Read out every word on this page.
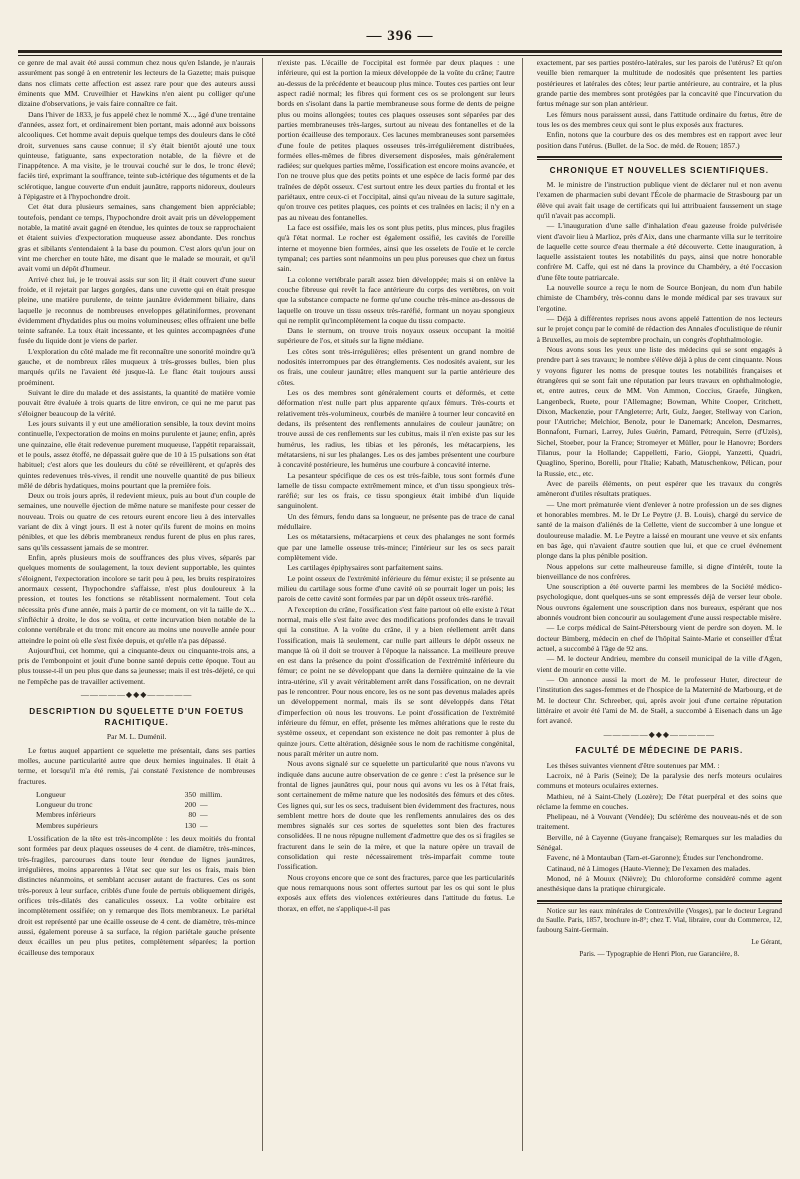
— 396 —

ce genre de mal avait été aussi commun chez nous qu'en Islande, je n'aurais assurément pas songé à en entretenir les lecteurs de la Gazette; mais puisque dans nos climats cette affection est assez rare pour que des auteurs aussi éminents que MM. Cruveilhier et Hawkins n'en aient pu colliger qu'une dizaine d'observations, je vais faire connaître ce fait.

Dans l'hiver de 1833, je fus appelé chez le nommé X..., âgé d'une trentaine d'années, assez fort, et ordinairement bien portant, mais adonné aux boissons alcooliques. Cet homme avait depuis quelque temps des douleurs dans le côté droit, survenues sans cause connue; il s'y était bientôt ajouté une toux quinteuse, fatiguante, sans expectoration notable, de la fièvre et de l'inappétence. A ma visite, je le trouvai couché sur le dos, le tronc élevé; faciès tiré, exprimant la souffrance, teinte sub-ictérique des téguments et de la sclérotique, langue couverte d'un enduit jaunâtre, rapports nidoreux, douleurs à l'épigastre et à l'hypochondre droit.

Cet état dura plusieurs semaines, sans changement bien appréciable; toutefois, pendant ce temps, l'hypochondre droit avait pris un développement notable, la matité avait gagné en étendue, les quintes de toux se rapprochaient et étaient suivies d'expectoration muqueuse assez abondante. Des ronchus gras et sibilants s'entendaient à la base du poumon. C'est alors qu'un jour on vint me chercher en toute hâte, me disant que le malade se mourait, et qu'il avait vomi un dépôt d'humeur.

Arrivé chez lui, je le trouvai assis sur son lit; il était couvert d'une sueur froide, et il rejetait par larges gorgées, dans une cuvette qui en était presque pleine, une matière purulente, de teinte jaunâtre évidemment biliaire, dans laquelle je reconnus de nombreuses enveloppes gélatiniformes, provenant évidemment d'hydatides plus ou moins volumineuses; elles offraient une belle teinte safranée. La toux était incessante, et les quintes accompagnées d'une fusée du liquide dont je viens de parler.

L'exploration du côté malade me fit reconnaître une sonorité moindre qu'à gauche, et de nombreux râles muqueux à très-grosses bulles, bien plus marqués qu'ils ne l'avaient été jusque-là. Le flanc était toujours aussi proéminent.

Suivant le dire du malade et des assistants, la quantité de matière vomie pouvait être évaluée à trois quarts de litre environ, ce qui ne me parut pas s'éloigner beaucoup de la vérité.

Les jours suivants il y eut une amélioration sensible, la toux devint moins continuelle, l'expectoration de moins en moins purulente et jaune; enfin, après une quinzaine, elle était redevenue purement muqueuse, l'appétit reparaissait, et le pouls, assez étoffé, ne dépassait guère que de 10 à 15 pulsations son état habituel; c'est alors que les douleurs du côté se réveillèrent, et qu'après des quintes redevenues très-vives, il rendit une nouvelle quantité de pus bilieux mêlé de débris hydatiques, moins pourtant que la première fois.

Deux ou trois jours après, il redevient mieux, puis au bout d'un couple de semaines, une nouvelle éjection de même nature se manifeste pour cesser de nouveau. Trois ou quatre de ces retours eurent encore lieu à des intervalles variant de dix à vingt jours. Il est à noter qu'ils furent de moins en moins pénibles, et que les débris membraneux rendus furent de plus en plus rares, sans qu'ils cessassent jamais de se montrer.

Enfin, après plusieurs mois de souffrances des plus vives, séparés par quelques moments de soulagement, la toux devient supportable, les quintes s'éloignent, l'expectoration incolore se tarit peu à peu, les bruits respiratoires anormaux cessent, l'hypochondre s'affaisse, n'est plus douloureux à la pression, et toutes les fonctions se rétablissent normalement. Tout cela nécessita près d'une année, mais à partir de ce moment, on vit la taille de X... s'infléchir à droite, le dos se voûta, et cette incurvation bien notable de la colonne vertébrale et du tronc mit encore au moins une nouvelle année pour atteindre le point où elle s'est fixée depuis, et qu'elle n'a pas dépassé.

Aujourd'hui, cet homme, qui a cinquante-deux ou cinquante-trois ans, a pris de l'embonpoint et jouit d'une bonne santé depuis cette époque. Tout au plus tousse-t-il un peu plus que dans sa jeunesse; mais il est très-déjeté, ce qui ne l'empêche pas de travailler activement.

—————◆◆◆—————
DESCRIPTION DU SQUELETTE D'UN FOETUS RACHITIQUE.
Par M. L. Duménil.

Le fœtus auquel appartient ce squelette me présentait, dans ses parties molles, aucune particularité autre que deux hernies inguinales. Il était à terme, et lorsqu'il m'a été remis, j'ai constaté l'existence de nombreuses fractures.

Longueur	350 millim.
Longueur du tronc	200 —
Membres inférieurs	80 —
Membres supérieurs	130 —

L'ossification de la tête est très-incomplète : les deux moitiés du frontal sont formées par deux plaques osseuses de 4 cent. de diamètre, très-minces, très-fragiles, parcourues dans toute leur étendue de lignes jaunâtres, irrégulières, moins apparentes à l'état sec que sur les os frais, mais bien distinctes néanmoins, et semblant accuser autant de fractures. Ces os sont très-poreux à leur surface, criblés d'une foule de pertuis obliquement dirigés, orifices très-dilatés des canalicules osseux. La voûte orbitaire est incomplètement ossifiée; on y remarque des îlots membraneux. Le pariétal droit est représenté par une écaille osseuse de 4 cent. de diamètre, très-mince aussi, également poreuse à sa surface, la région pariétale gauche présente deux écailles un peu plus petites, complètement séparées; la portion écailleuse des temporaux

n'existe pas. L'écaille de l'occipital est formée par deux plaques : une inférieure, qui est la portion la mieux développée de la voûte du crâne; l'autre au-dessus de la précédente et beaucoup plus mince. Toutes ces parties ont leur aspect radié normal; les fibres qui forment ces os se prolongent sur leurs bords en s'isolant dans la partie membraneuse sous forme de dents de peigne plus ou moins allongées; toutes ces plaques osseuses sont séparées par des parties membraneuses très-larges, surtout au niveau des fontanelles et de la portion écailleuse des temporaux. Ces lacunes membraneuses sont parsemées d'une foule de petites plaques osseuses très-irrégulièrement distribuées, formées elles-mêmes de fibres diversement disposées, mais généralement radiées; sur quelques parties même, l'ossification est encore moins avancée, et l'on ne trouve plus que des petits points et une espèce de lacis formé par des traînées de dépôt osseux. C'est surtout entre les deux parties du frontal et les pariétaux, entre ceux-ci et l'occipital, ainsi qu'au niveau de la suture sagittale, qu'on trouve ces petites plaques, ces points et ces traînées en lacis; il n'y en a pas au niveau des fontanelles.

La face est ossifiée, mais les os sont plus petits, plus minces, plus fragiles qu'à l'état normal. Le rocher est également ossifié, les cavités de l'oreille interne et moyenne bien formées, ainsi que les osselets de l'ouïe et le cercle tympanal; ces parties sont néanmoins un peu plus poreuses que chez un fœtus sain.

La colonne vertébrale paraît assez bien développée; mais si on enlève la couche fibreuse qui revêt la face antérieure du corps des vertèbres, on voit que la substance compacte ne forme qu'une couche très-mince au-dessous de laquelle on trouve un tissu osseux très-raréfié, formant un noyau spongieux qui ne remplit qu'incomplètement la coque du tissu compacte.

Dans le sternum, on trouve trois noyaux osseux occupant la moitié supérieure de l'os, et situés sur la ligne médiane.

Les côtes sont très-irrégulières; elles présentent un grand nombre de nodosités interrompues par des étranglements. Ces nodosités avaient, sur les os frais, une couleur jaunâtre; elles manquent sur la partie antérieure des côtes.

Les os des membres sont généralement courts et déformés, et cette déformation n'est nulle part plus apparente qu'aux fémurs. Très-courts et relativement très-volumineux, courbés de manière à tourner leur concavité en dedans, ils présentent des renflements annulaires de couleur jaunâtre; on trouve aussi de ces renflements sur les cubitus, mais il n'en existe pas sur les humérus, les radius, les tibias et les péronés, les métacarpiens, les métatarsiens, ni sur les phalanges. Les os des jambes présentent une courbure à concavité postérieure, les humérus une courbure à concavité interne.

La pesanteur spécifique de ces os est très-faible, tous sont formés d'une lamelle de tissu compacte extrêmement mince, et d'un tissu spongieux très-raréfié; sur les os frais, ce tissu spongieux était imbibé d'un liquide sanguinolent.

Un des fémurs, fendu dans sa longueur, ne présente pas de trace de canal médullaire.

Les os métatarsiens, métacarpiens et ceux des phalanges ne sont formés que par une lamelle osseuse très-mince; l'intérieur sur les os secs parait complètement vide.

Les cartilages épiphysaires sont parfaitement sains.

Le point osseux de l'extrémité inférieure du fémur existe; il se présente au milieu du cartilage sous forme d'une cavité où se pourrait loger un pois; les parois de cette cavité sont formées par par un dépôt osseux très-raréfié.

A l'exception du crâne, l'ossification s'est faite partout où elle existe à l'état normal, mais elle s'est faite avec des modifications profondes dans le travail qui la constitue. A la voûte du crâne, il y a bien réellement arrêt dans l'ossification, mais là seulement, car nulle part ailleurs le dépôt osseux ne manque là où il doit se trouver à l'époque la naissance. La meilleure preuve en est dans la présence du point d'ossification de l'extrémité inférieure du fémur; ce point ne se développant que dans la dernière quinzaine de la vie intra-utérine, s'il y avait véritablement arrêt dans l'ossification, on ne devrait pas le rencontrer. Pour nous encore, les os ne sont pas devenus malades après un développement normal, mais ils se sont développés dans l'état d'imperfection où nous les trouvons. Le point d'ossification de l'extrémité inférieure du fémur, en effet, présente les mêmes altérations que le reste du système osseux, et cependant son existence ne doit pas remonter à plus de quinze jours. Cette altération, désignée sous le nom de rachitisme congénital, nous paraît mériter un autre nom.

Nous avons signalé sur ce squelette un particularité que nous n'avons vu indiquée dans aucune autre observation de ce genre : c'est la présence sur le frontal de lignes jaunâtres qui, pour nous qui avons vu les os à l'état frais, sont certainement de même nature que les nodosités des fémurs et des côtes. Ces lignes qui, sur les os secs, traduisent bien évidemment des fractures, nous semblent mettre hors de doute que les renflements annulaires des os des membres signalés sur ces sortes de squelettes sont bien des fractures consolidées. Il ne nous répugne nullement d'admettre que des os si fragiles se fracturent dans le sein de la mère, et que la nature opère un travail de consolidation qui reste nécessairement très-imparfait comme toute l'ossification.

Nous croyons encore que ce sont des fractures, parce que les particularités que nous remarquons nous sont offertes surtout par les os qui sont le plus exposés aux effets des violences extérieures dans l'attitude du fœtus. Le thorax, en effet, ne s'applique-t-il pas

exactement, par ses parties postéro-latérales, sur les parois de l'utérus? Et qu'on veuille bien remarquer la multitude de nodosités que présentent les parties postérieures et latérales des côtes; leur partie antérieure, au contraire, et la plus grande partie des membres sont protégées par la concavité que l'incurvation du fœtus ménage sur son plan antérieur.

Les fémurs nous paraissent aussi, dans l'attitude ordinaire du fœtus, être de tous les os des membres ceux qui sont le plus exposés aux fractures.

Enfin, notons que la courbure des os des membres est en rapport avec leur position dans l'utérus. (Bullet. de la Soc. de méd. de Rouen; 1857.)

CHRONIQUE ET NOUVELLES SCIENTIFIQUES.

M. le ministre de l'instruction publique vient de déclarer nul et non avenu l'examen de pharmacien subi devant l'École de pharmacie de Strasbourg par un élève qui avait fait usage de certificats qui lui attribuaient faussement un stage qu'il n'avait pas accompli.

— L'inauguration d'une salle d'inhalation d'eau gazeuse froide pulvérisée vient d'avoir lieu à Marlioz, près d'Aix, dans une charmante villa sur le territoire de laquelle cette source d'eau thermale a été découverte. Cette inauguration, à laquelle assistaient toutes les notabilités du pays, ainsi que notre honorable confrère M. Caffe, qui est né dans la province du Chambéry, a été l'occasion d'une fête toute patriarcale.

La nouvelle source a reçu le nom de Source Bonjean, du nom d'un habile chimiste de Chambéry, très-connu dans le monde médical par ses travaux sur l'ergotine.

— Déjà à différentes reprises nous avons appelé l'attention de nos lecteurs sur le projet conçu par le comité de rédaction des Annales d'oculistique de réunir à Bruxelles, au mois de septembre prochain, un congrès d'ophthalmologie.

Nous avons sous les yeux une liste des médecins qui se sont engagés à prendre part à ses travaux; le nombre s'élève déjà à plus de cent cinquante. Nous y voyons figurer les noms de presque toutes les notabilités françaises et étrangères qui se sont fait une réputation par leurs travaux en ophthalmologie, et, entre autres, ceux de MM. Von Ammon, Coccius, Graefe, Jüngken, Langenbeck, Ruete, pour l'Allemagne; Bowman, White Cooper, Critchett, Dixon, Mackenzie, pour l'Angleterre; Arlt, Gulz, Jaeger, Stellway von Carion, pour l'Autriche; Melchior, Benolz, pour le Danemark; Ancelon, Desmarres, Bonnafont, Furnari, Larrey, Jules Guérin, Pamard, Pétrequin, Serre (d'Uzès), Sichel, Stoeber, pour la France; Stromeyer et Müller, pour le Hanovre; Borders Tilanus, pour la Hollande; Cappelletti, Fario, Gioppi, Yanzetti, Quadri, Quaglino, Sperino, Borelli, pour l'Italie; Kabath, Matuschenkow, Pélican, pour la Russie, etc., etc.

Avec de pareils éléments, on peut espérer que les travaux du congrès amèneront d'utiles résultats pratiques.

— Une mort prématurée vient d'enlever à notre profession un de ses dignes et honorables membres. M. le Dr Le Peytre (J. B. Louis), chargé du service de santé de la maison d'aliénés de la Cellette, vient de succomber à une longue et douloureuse maladie. M. Le Peytre a laissé en mourant une veuve et six enfants en bas âge, qui n'avaient d'autre soutien que lui, et que ce cruel événement plonge dans la plus pénible position.

Nous appelons sur cette malheureuse famille, si digne d'intérêt, toute la bienveillance de nos confrères.

Une souscription a été ouverte parmi les membres de la Société médico-psychologique, dont quelques-uns se sont empressés déjà de verser leur obole. Nous ouvrons également une souscription dans nos bureaux, espérant que nos abonnés voudront bien concourir au soulagement d'une aussi respectable misère.

— Le corps médical de Saint-Pétersbourg vient de perdre son doyen. M. le docteur Bimberg, médecin en chef de l'hôpital Sainte-Marie et conseiller d'État actuel, a succombé à l'âge de 92 ans.

— M. le docteur Andrieu, membre du conseil municipal de la ville d'Agen, vient de mourir en cette ville.

— On annonce aussi la mort de M. le professeur Huter, directeur de l'institution des sages-femmes et de l'hospice de la Maternité de Marbourg, et de M. le docteur Chr. Schreeber, qui, après avoir joui d'une certaine réputation littéraire et avoir été l'ami de M. de Staël, a succombé à Eisenach dans un âge fort avancé.

—————◆◆◆—————
FACULTÉ DE MÉDECINE DE PARIS.

Les thèses suivantes viennent d'être soutenues par MM. :

Lacroix, né à Paris (Seine); De la paralysie des nerfs moteurs oculaires communs et moteurs oculaires externes.

Mathieu, né à Saint-Chely (Lozère); De l'état puerpéral et des soins que réclame la femme en couches.

Phelipeau, né à Vouvant (Vendée); Du sclérème des nouveau-nés et de son traitement.

Berville, né à Cayenne (Guyane française); Remarques sur les maladies du Sénégal.

Favenc, né à Montauban (Tarn-et-Garonne); Études sur l'enchondrome.

Catinaud, né à Limoges (Haute-Vienne); De l'examen des malades.

Monod, né à Mouux (Nièvre); Du chloroforme considéré comme agent anesthésique dans la pratique chirurgicale.

Notice sur les eaux minérales de Contrexéville (Vosges), par le docteur Legrand du Saulle. Paris, 1857, brochure in-8°; chez T. Vial, libraire, cour du Commerce, 12, faubourg Saint-Germain.

Le Gérant,
Paris. — Typographie de Henri Plon, rue Garancière, 8.
